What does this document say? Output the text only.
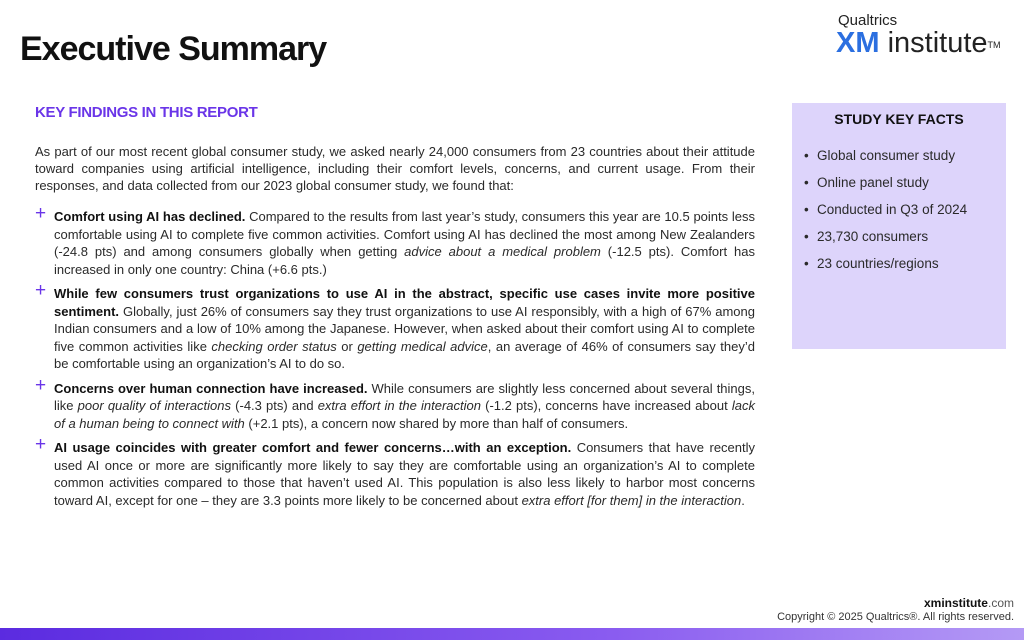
Executive Summary
Qualtrics
XM institute™
KEY FINDINGS IN THIS REPORT

As part of our most recent global consumer study, we asked nearly 24,000 consumers from 23 countries about their attitude toward companies using artificial intelligence, including their comfort levels, concerns, and current usage. From their responses, and data collected from our 2023 global consumer study, we found that:

+ Comfort using AI has declined. Compared to the results from last year’s study, consumers this year are 10.5 points less comfortable using AI to complete five common activities. Comfort using AI has declined the most among New Zealanders (-24.8 pts) and among consumers globally when getting advice about a medical problem (-12.5 pts). Comfort has increased in only one country: China (+6.6 pts.)
+ While few consumers trust organizations to use AI in the abstract, specific use cases invite more positive sentiment. Globally, just 26% of consumers say they trust organizations to use AI responsibly, with a high of 67% among Indian consumers and a low of 10% among the Japanese. However, when asked about their comfort using AI to complete five common activities like checking order status or getting medical advice, an average of 46% of consumers say they’d be comfortable using an organization’s AI to do so.
+ Concerns over human connection have increased. While consumers are slightly less concerned about several things, like poor quality of interactions (-4.3 pts) and extra effort in the interaction (-1.2 pts), concerns have increased about lack of a human being to connect with (+2.1 pts), a concern now shared by more than half of consumers.
+ AI usage coincides with greater comfort and fewer concerns…with an exception. Consumers that have recently used AI once or more are significantly more likely to say they are comfortable using an organization’s AI to complete common activities compared to those that haven’t used AI. This population is also less likely to harbor most concerns toward AI, except for one – they are 3.3 points more likely to be concerned about extra effort [for them] in the interaction.
STUDY KEY FACTS
• Global consumer study
• Online panel study
• Conducted in Q3 of 2024
• 23,730 consumers
• 23 countries/regions
xminstitute.com
Copyright © 2025 Qualtrics®. All rights reserved.
